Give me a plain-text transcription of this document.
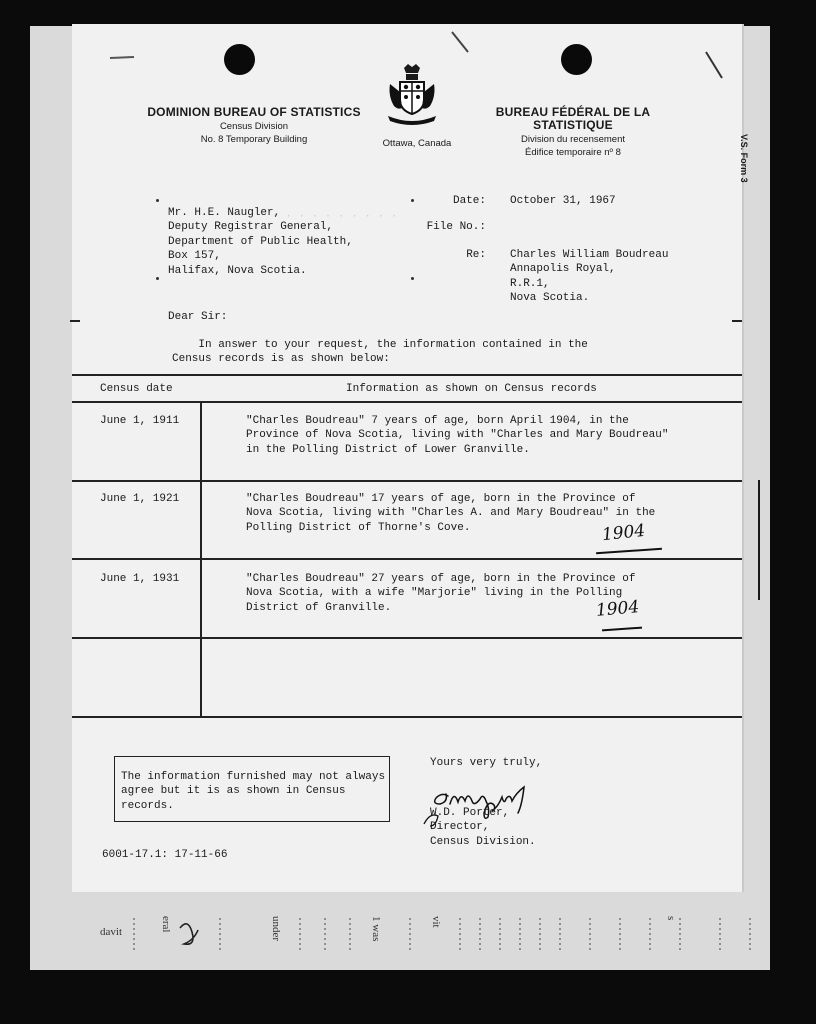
davit	eral	under	1 was	vit	s
DOMINION BUREAU OF STATISTICS
Census Division
No. 8 Temporary Building	Ottawa, Canada
BUREAU FÉDÉRAL DE LA STATISTIQUE
Division du recensement
Édifice temporaire nº 8	V.S. Form 3
· · · · · · · · · ·
Mr. H.E. Naugler,
Deputy Registrar General,
Department of Public Health,
Box 157,
Halifax, Nova Scotia.
Date: October 31, 1967
File No.:
Re: Charles William Boudreau
Annapolis Royal,
R.R.1,
Nova Scotia.
Dear Sir:
In answer to your request, the information contained in the
Census records is as shown below:
Census date	Information as shown on Census records
June 1, 1911	"Charles Boudreau" 7 years of age, born April 1904, in the
Province of Nova Scotia, living with "Charles and Mary Boudreau"
in the Polling District of Lower Granville.
June 1, 1921	"Charles Boudreau" 17 years of age, born in the Province of
Nova Scotia, living with "Charles A. and Mary Boudreau" in the
Polling District of Thorne's Cove.	1904
June 1, 1931	"Charles Boudreau" 27 years of age, born in the Province of
Nova Scotia, with a wife "Marjorie" living in the Polling
District of Granville.	1904
The information furnished may not always
agree but it is as shown in Census
records.
Yours very truly,
W.D. Porter,
Director,
Census Division.
6001-17.1: 17-11-66
